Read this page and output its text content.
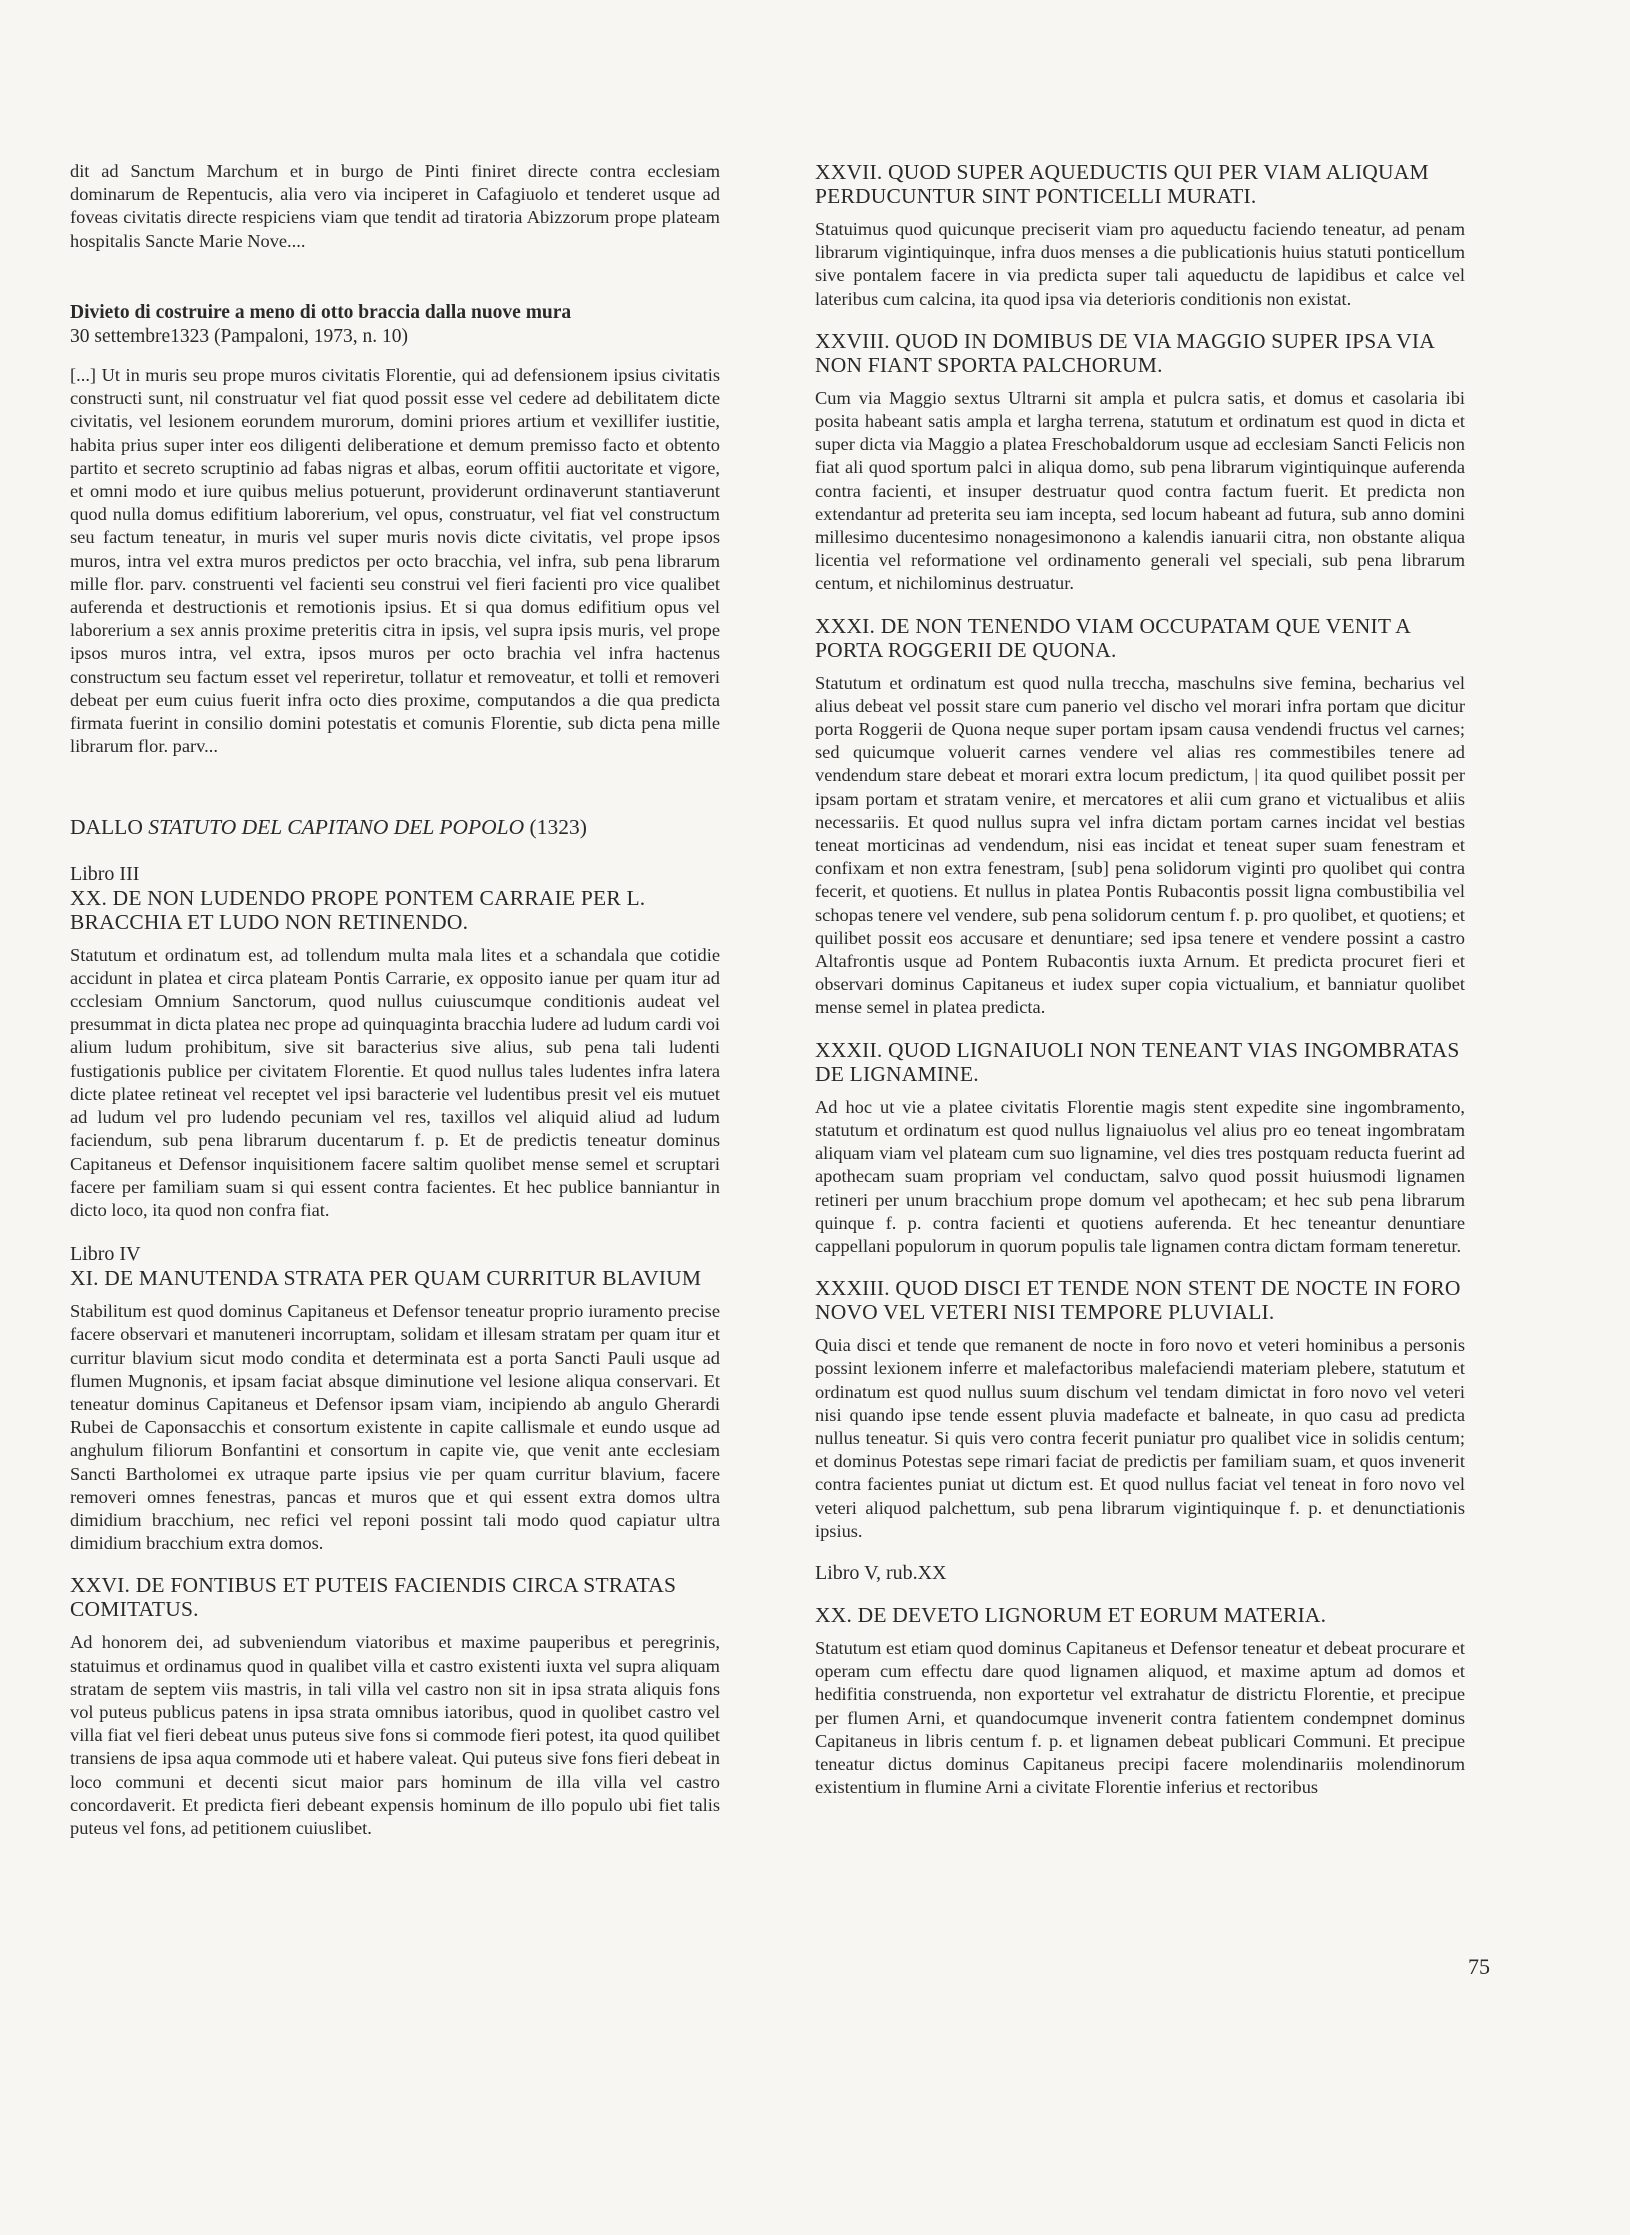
dit ad Sanctum Marchum et in burgo de Pinti finiret directe contra ecclesiam dominarum de Repentucis, alia vero via inciperet in Cafagiuolo et tenderet usque ad foveas civitatis directe respiciens viam que tendit ad tiratoria Abizzorum prope plateam hospitalis Sancte Marie Nove....

Divieto di costruire a meno di otto braccia dalla nuove mura

30 settembre1323 (Pampaloni, 1973, n. 10)

[...] Ut in muris seu prope muros civitatis Florentie, qui ad defensionem ipsius civitatis constructi sunt, nil construatur vel fiat quod possit esse vel cedere ad debilitatem dicte civitatis, vel lesionem eorundem murorum, domini priores artium et vexillifer iustitie, habita prius super inter eos diligenti deliberatione et demum premisso facto et obtento partito et secreto scruptinio ad fabas nigras et albas, eorum offitii auctoritate et vigore, et omni modo et iure quibus melius potuerunt, providerunt ordinaverunt stantiaverunt quod nulla domus edifitium laborerium, vel opus, construatur, vel fiat vel constructum seu factum teneatur, in muris vel super muris novis dicte civitatis, vel prope ipsos muros, intra vel extra muros predictos per octo bracchia, vel infra, sub pena librarum mille flor. parv. construenti vel facienti seu construi vel fieri facienti pro vice qualibet auferenda et destructionis et remotionis ipsius. Et si qua domus edifitium opus vel laborerium a sex annis proxime preteritis citra in ipsis, vel supra ipsis muris, vel prope ipsos muros intra, vel extra, ipsos muros per octo brachia vel infra hactenus constructum seu factum esset vel reperiretur, tollatur et removeatur, et tolli et removeri debeat per eum cuius fuerit infra octo dies proxime, computandos a die qua predicta firmata fuerint in consilio domini potestatis et comunis Florentie, sub dicta pena mille librarum flor. parv...

DALLO STATUTO DEL CAPITANO DEL POPOLO (1323)

Libro III

XX. DE NON LUDENDO PROPE PONTEM CARRAIE PER L. BRACCHIA ET LUDO NON RETINENDO.

Statutum et ordinatum est, ad tollendum multa mala lites et a schandala que cotidie accidunt in platea et circa plateam Pontis Carrarie, ex opposito ianue per quam itur ad ccclesiam Omnium Sanctorum, quod nullus cuiuscumque conditionis audeat vel presummat in dicta platea nec prope ad quinquaginta bracchia ludere ad ludum cardi voi alium ludum prohibitum, sive sit baracterius sive alius, sub pena tali ludenti fustigationis publice per civitatem Florentie. Et quod nullus tales ludentes infra latera dicte platee retineat vel receptet vel ipsi baracterie vel ludentibus presit vel eis mutuet ad ludum vel pro ludendo pecuniam vel res, taxillos vel aliquid aliud ad ludum faciendum, sub pena librarum ducentarum f. p. Et de predictis teneatur dominus Capitaneus et Defensor inquisitionem facere saltim quolibet mense semel et scruptari facere per familiam suam si qui essent contra facientes. Et hec publice banniantur in dicto loco, ita quod non confra fiat.

Libro IV

XI. DE MANUTENDA STRATA PER QUAM CURRITUR BLAVIUM

Stabilitum est quod dominus Capitaneus et Defensor teneatur proprio iuramento precise facere observari et manuteneri incorruptam, solidam et illesam stratam per quam itur et curritur blavium sicut modo condita et determinata est a porta Sancti Pauli usque ad flumen Mugnonis, et ipsam faciat absque diminutione vel lesione aliqua conservari. Et teneatur dominus Capitaneus et Defensor ipsam viam, incipiendo ab angulo Gherardi Rubei de Caponsacchis et consortum existente in capite callismale et eundo usque ad anghulum filiorum Bonfantini et consortum in capite vie, que venit ante ecclesiam Sancti Bartholomei ex utraque parte ipsius vie per quam curritur blavium, facere removeri omnes fenestras, pancas et muros que et qui essent extra domos ultra dimidium bracchium, nec refici vel reponi possint tali modo quod capiatur ultra dimidium bracchium extra domos.

XXVI. DE FONTIBUS ET PUTEIS FACIENDIS CIRCA STRATAS COMITATUS.

Ad honorem dei, ad subveniendum viatoribus et maxime pauperibus et peregrinis, statuimus et ordinamus quod in qualibet villa et castro existenti iuxta vel supra aliquam stratam de septem viis mastris, in tali villa vel castro non sit in ipsa strata aliquis fons vol puteus publicus patens in ipsa strata omnibus iatoribus, quod in quolibet castro vel villa fiat vel fieri debeat unus puteus sive fons si commode fieri potest, ita quod quilibet transiens de ipsa aqua commode uti et habere valeat. Qui puteus sive fons fieri debeat in loco communi et decenti sicut maior pars hominum de illa villa vel castro concordaverit. Et predicta fieri debeant expensis hominum de illo populo ubi fiet talis puteus vel fons, ad petitionem cuiuslibet.

XXVII. QUOD SUPER AQUEDUCTIS QUI PER VIAM ALIQUAM PERDUCUNTUR SINT PONTICELLI MURATI.

Statuimus quod quicunque preciserit viam pro aqueductu faciendo teneatur, ad penam librarum vigintiquinque, infra duos menses a die publicationis huius statuti ponticellum sive pontalem facere in via predicta super tali aqueductu de lapidibus et calce vel lateribus cum calcina, ita quod ipsa via deterioris conditionis non existat.

XXVIII. QUOD IN DOMIBUS DE VIA MAGGIO SUPER IPSA VIA NON FIANT SPORTA PALCHORUM.

Cum via Maggio sextus Ultrarni sit ampla et pulcra satis, et domus et casolaria ibi posita habeant satis ampla et largha terrena, statutum et ordinatum est quod in dicta et super dicta via Maggio a platea Freschobaldorum usque ad ecclesiam Sancti Felicis non fiat ali quod sportum palci in aliqua domo, sub pena librarum vigintiquinque auferenda contra facienti, et insuper destruatur quod contra factum fuerit. Et predicta non extendantur ad preterita seu iam incepta, sed locum habeant ad futura, sub anno domini millesimo ducentesimo nonagesimonono a kalendis ianuarii citra, non obstante aliqua licentia vel reformatione vel ordinamento generali vel speciali, sub pena librarum centum, et nichilominus destruatur.

XXXI. DE NON TENENDO VIAM OCCUPATAM QUE VENIT A PORTA ROGGERII DE QUONA.

Statutum et ordinatum est quod nulla treccha, maschulns sive femina, becharius vel alius debeat vel possit stare cum panerio vel discho vel morari infra portam que dicitur porta Roggerii de Quona neque super portam ipsam causa vendendi fructus vel carnes; sed quicumque voluerit carnes vendere vel alias res commestibiles tenere ad vendendum stare debeat et morari extra locum predictum, | ita quod quilibet possit per ipsam portam et stratam venire, et mercatores et alii cum grano et victualibus et aliis necessariis. Et quod nullus supra vel infra dictam portam carnes incidat vel bestias teneat morticinas ad vendendum, nisi eas incidat et teneat super suam fenestram et confixam et non extra fenestram, [sub] pena solidorum viginti pro quolibet qui contra fecerit, et quotiens. Et nullus in platea Pontis Rubacontis possit ligna combustibilia vel schopas tenere vel vendere, sub pena solidorum centum f. p. pro quolibet, et quotiens; et quilibet possit eos accusare et denuntiare; sed ipsa tenere et vendere possint a castro Altafrontis usque ad Pontem Rubacontis iuxta Arnum. Et predicta procuret fieri et observari dominus Capitaneus et iudex super copia victualium, et banniatur quolibet mense semel in platea predicta.

XXXII. QUOD LIGNAIUOLI NON TENEANT VIAS INGOMBRATAS DE LIGNAMINE.

Ad hoc ut vie a platee civitatis Florentie magis stent expedite sine ingombramento, statutum et ordinatum est quod nullus lignaiuolus vel alius pro eo teneat ingombratam aliquam viam vel plateam cum suo lignamine, vel dies tres postquam reducta fuerint ad apothecam suam propriam vel conductam, salvo quod possit huiusmodi lignamen retineri per unum bracchium prope domum vel apothecam; et hec sub pena librarum quinque f. p. contra facienti et quotiens auferenda. Et hec teneantur denuntiare cappellani populorum in quorum populis tale lignamen contra dictam formam teneretur.

XXXIII. QUOD DISCI ET TENDE NON STENT DE NOCTE IN FORO NOVO VEL VETERI NISI TEMPORE PLUVIALI.

Quia disci et tende que remanent de nocte in foro novo et veteri hominibus a personis possint lexionem inferre et malefactoribus malefaciendi materiam plebere, statutum et ordinatum est quod nullus suum dischum vel tendam dimictat in foro novo vel veteri nisi quando ipse tende essent pluvia madefacte et balneate, in quo casu ad predicta nullus teneatur. Si quis vero contra fecerit puniatur pro qualibet vice in solidis centum; et dominus Potestas sepe rimari faciat de predictis per familiam suam, et quos invenerit contra facientes puniat ut dictum est. Et quod nullus faciat vel teneat in foro novo vel veteri aliquod palchettum, sub pena librarum vigintiquinque f. p. et denunctiationis ipsius.

Libro V, rub.XX

XX. DE DEVETO LIGNORUM ET EORUM MATERIA.

Statutum est etiam quod dominus Capitaneus et Defensor teneatur et debeat procurare et operam cum effectu dare quod lignamen aliquod, et maxime aptum ad domos et hedifitia construenda, non exportetur vel extrahatur de districtu Florentie, et precipue per flumen Arni, et quandocumque invenerit contra fatientem condempnet dominus Capitaneus in libris centum f. p. et lignamen debeat publicari Communi. Et precipue teneatur dictus dominus Capitaneus precipi facere molendinariis molendinorum existentium in flumine Arni a civitate Florentie inferius et rectoribus

75
